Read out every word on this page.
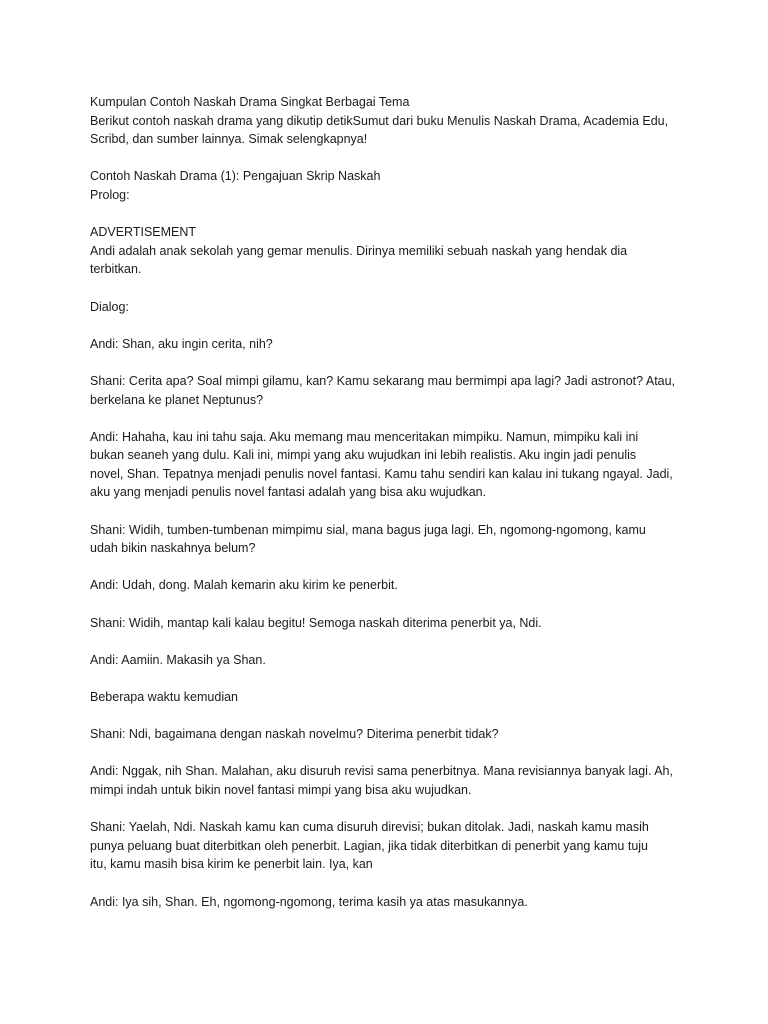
Kumpulan Contoh Naskah Drama Singkat Berbagai Tema
Berikut contoh naskah drama yang dikutip detikSumut dari buku Menulis Naskah Drama, Academia Edu,
Scribd, dan sumber lainnya. Simak selengkapnya!

Contoh Naskah Drama (1): Pengajuan Skrip Naskah
Prolog:

ADVERTISEMENT
Andi adalah anak sekolah yang gemar menulis. Dirinya memiliki sebuah naskah yang hendak dia
terbitkan.

Dialog:

Andi: Shan, aku ingin cerita, nih?

Shani: Cerita apa? Soal mimpi gilamu, kan? Kamu sekarang mau bermimpi apa lagi? Jadi astronot? Atau,
berkelana ke planet Neptunus?

Andi: Hahaha, kau ini tahu saja. Aku memang mau menceritakan mimpiku. Namun, mimpiku kali ini
bukan seaneh yang dulu. Kali ini, mimpi yang aku wujudkan ini lebih realistis. Aku ingin jadi penulis
novel, Shan. Tepatnya menjadi penulis novel fantasi. Kamu tahu sendiri kan kalau ini tukang ngayal. Jadi,
aku yang menjadi penulis novel fantasi adalah yang bisa aku wujudkan.

Shani: Widih, tumben-tumbenan mimpimu sial, mana bagus juga lagi. Eh, ngomong-ngomong, kamu
udah bikin naskahnya belum?

Andi: Udah, dong. Malah kemarin aku kirim ke penerbit.

Shani: Widih, mantap kali kalau begitu! Semoga naskah diterima penerbit ya, Ndi.

Andi: Aamiin. Makasih ya Shan.

Beberapa waktu kemudian

Shani: Ndi, bagaimana dengan naskah novelmu? Diterima penerbit tidak?

Andi: Nggak, nih Shan. Malahan, aku disuruh revisi sama penerbitnya. Mana revisiannya banyak lagi. Ah,
mimpi indah untuk bikin novel fantasi mimpi yang bisa aku wujudkan.

Shani: Yaelah, Ndi. Naskah kamu kan cuma disuruh direvisi; bukan ditolak. Jadi, naskah kamu masih
punya peluang buat diterbitkan oleh penerbit. Lagian, jika tidak diterbitkan di penerbit yang kamu tuju
itu, kamu masih bisa kirim ke penerbit lain. Iya, kan

Andi: Iya sih, Shan. Eh, ngomong-ngomong, terima kasih ya atas masukannya.
